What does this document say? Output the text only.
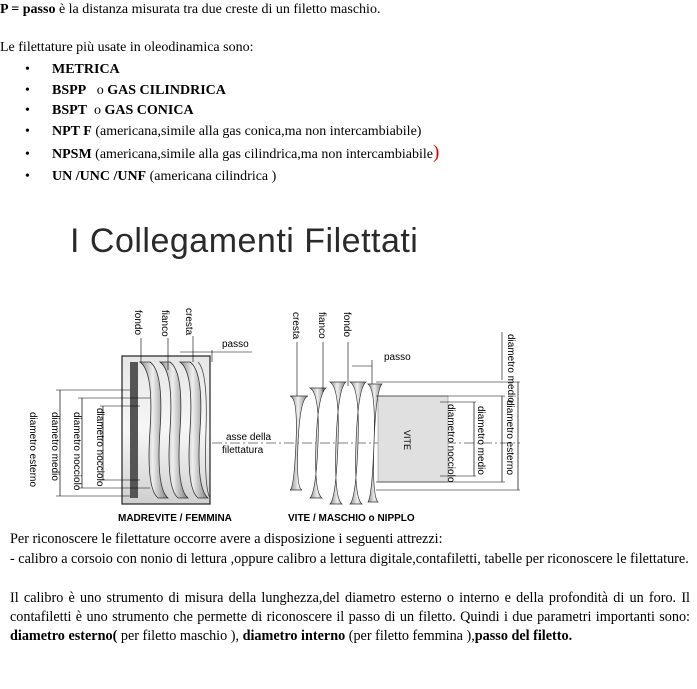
P = passo è la distanza misurata tra due creste di un filetto maschio.
Le filettature più usate in oleodinamica sono:
• METRICA
• BSPP   o GAS CILINDRICA
• BSPT  o GAS CONICA
• NPT F (americana,simile alla gas conica,ma non intercambiabile)
• NPSM (americana,simile alla gas cilindrica,ma non intercambiabile)
• UN /UNC /UNF (americana cilindrica )
I Collegamenti Filettati
fondo fianco cresta
passo
diametro esterno diametro medio diametro nocciolo diametro nocciolo
MADREVITE / FEMMINA
asse della
filettatura
cresta fianco fondo
passo	diametro medio
diametro nocciolo diametro medio diametro esterno
VITE
VITE / MASCHIO o NIPPLO
Per riconoscere le filettature occorre avere a disposizione i seguenti attrezzi:
- calibro a corsoio con nonio di lettura ,oppure calibro a lettura digitale,contafiletti, tabelle per riconoscere le filettature.
Il calibro è uno strumento di misura della lunghezza,del diametro esterno o interno e della profondità di un foro. Il contafiletti è uno strumento che permette di riconoscere il passo di un filetto. Quindi i due parametri importanti sono: diametro esterno( per filetto maschio ), diametro interno (per filetto femmina ),passo del filetto.
